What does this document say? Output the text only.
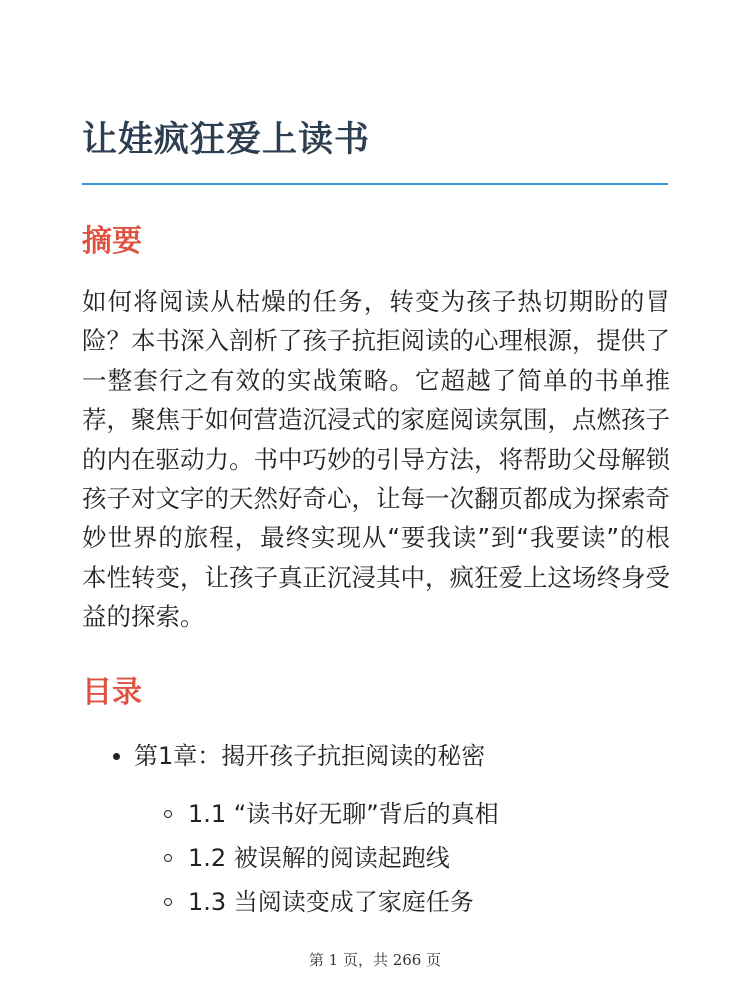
让娃疯狂爱上读书
摘要

如何将阅读从枯燥的任务，转变为孩子热切期盼的冒险？本书深入剖析了孩子抗拒阅读的心理根源，提供了一整套行之有效的实战策略。它超越了简单的书单推荐，聚焦于如何营造沉浸式的家庭阅读氛围，点燃孩子的内在驱动力。书中巧妙的引导方法，将帮助父母解锁孩子对文字的天然好奇心，让每一次翻页都成为探索奇妙世界的旅程，最终实现从“要我读”到“我要读”的根本性转变，让孩子真正沉浸其中，疯狂爱上这场终身受益的探索。

目录
第1章：揭开孩子抗拒阅读的秘密
1.1 “读书好无聊”背后的真相
1.2 被误解的阅读起跑线
1.3 当阅读变成了家庭任务
第 1 页，共 266 页
